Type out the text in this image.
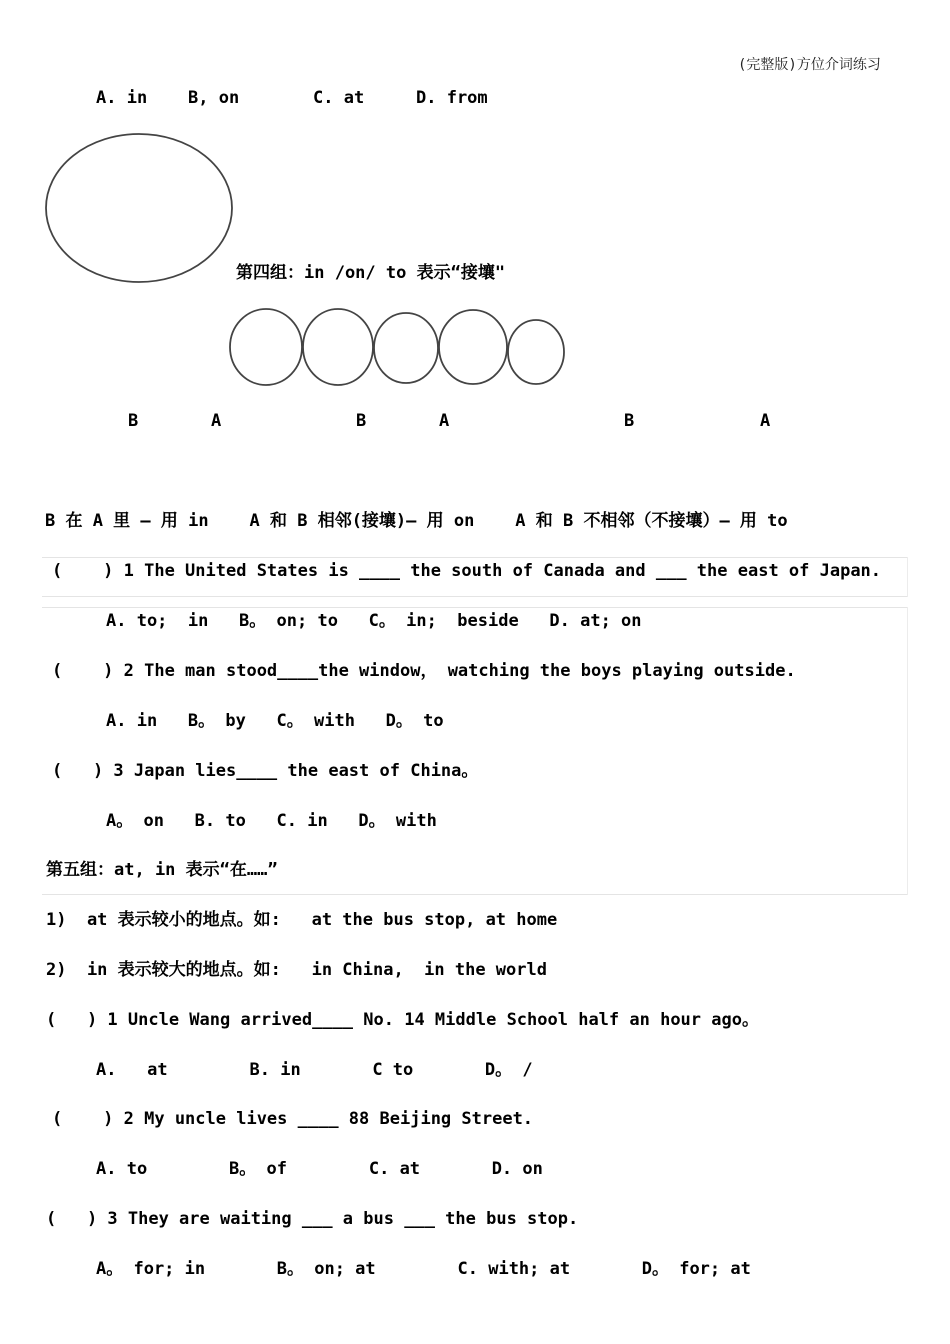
(完整版)方位介词练习
A. in B, on	C. at	D. from
第四组：in /on/ to 表示“接壤"
B	A	B	A	B	A
B 在 A 里 — 用 in    A 和 B 相邻(接壤)— 用 on    A 和 B 不相邻（不接壤）— 用 to
(    ) 1 The United States is ____ the south of Canada and ___ the east of Japan.
A. to;  in   B。 on; to   C。 in;  beside   D. at; on
(    ) 2 The man stood____the window， watching the boys playing outside.
A. in   B。 by   C。 with   D。 to
(   ) 3 Japan lies____ the east of China。
A。 on   B. to   C. in   D。 with
第五组：at, in 表示“在……”
1)  at 表示较小的地点。如:   at the bus stop, at home
2)  in 表示较大的地点。如:   in China,  in the world
(   ) 1 Uncle Wang arrived____ No. 14 Middle School half an hour ago。
A.   at        B. in       C to       D。 /
(    ) 2 My uncle lives ____ 88 Beijing Street.
A. to        B。 of        C. at       D. on
(   ) 3 They are waiting ___ a bus ___ the bus stop.
A。 for; in       B。 on; at        C. with; at       D。 for; at
